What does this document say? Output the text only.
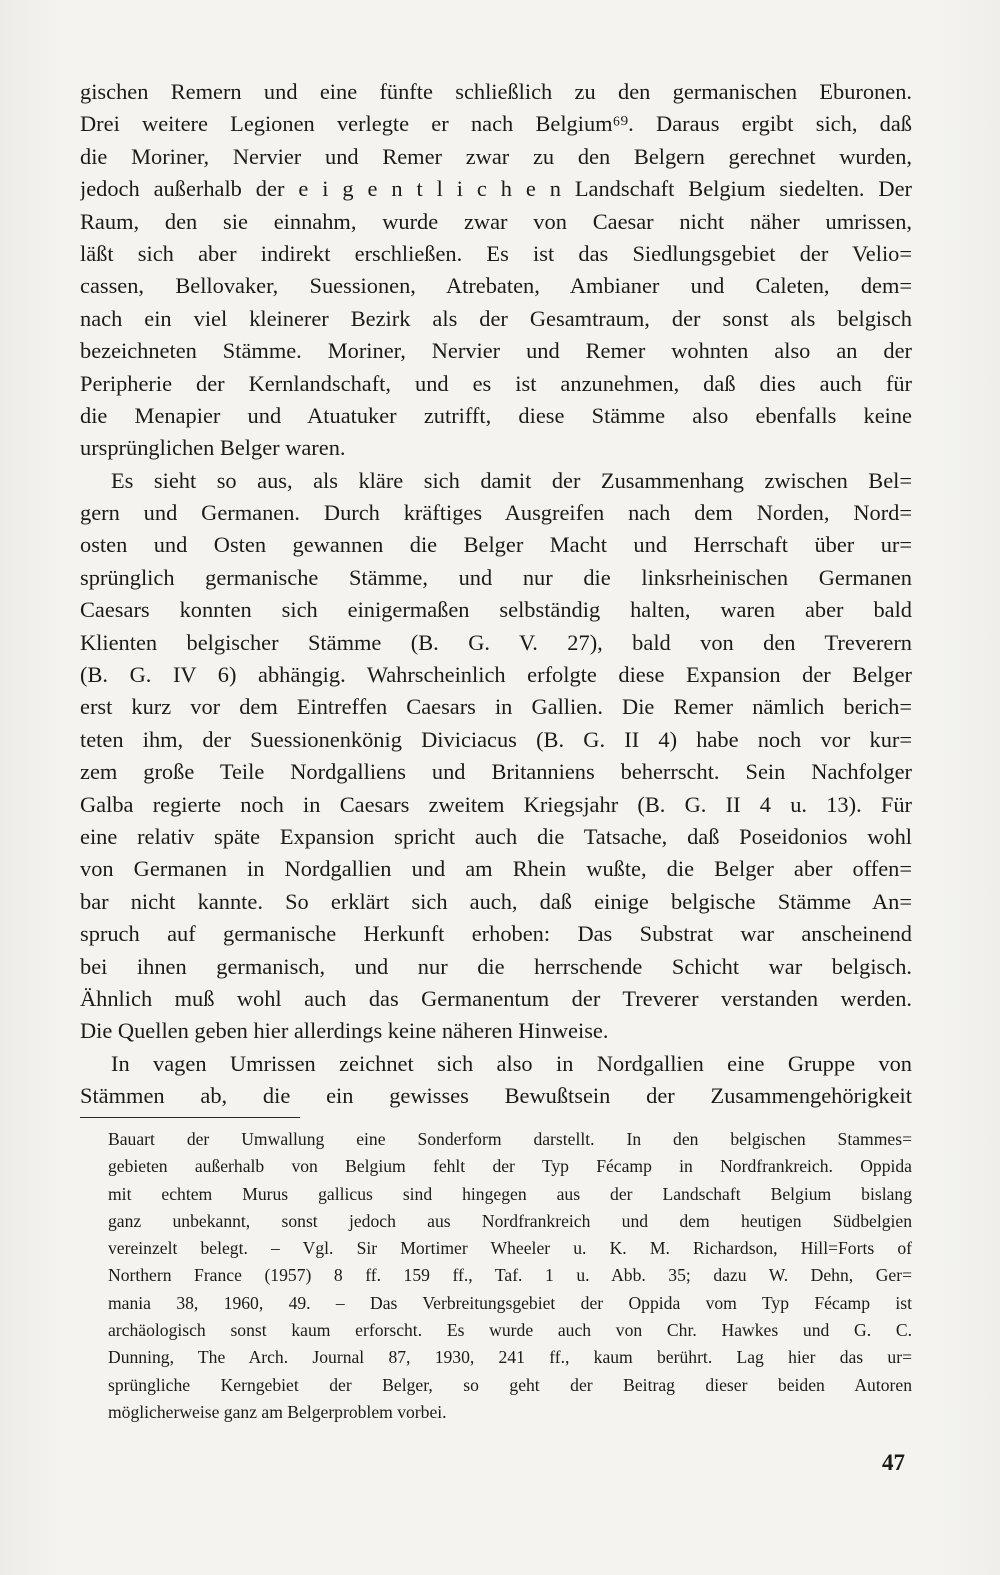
gischen Remern und eine fünfte schließlich zu den germanischen Eburonen.
Drei weitere Legionen verlegte er nach Belgium⁶⁹. Daraus ergibt sich, daß
die Moriner, Nervier und Remer zwar zu den Belgern gerechnet wurden,
jedoch außerhalb der e i g e n t l i c h e n Landschaft Belgium siedelten. Der
Raum, den sie einnahm, wurde zwar von Caesar nicht näher umrissen,
läßt sich aber indirekt erschließen. Es ist das Siedlungsgebiet der Velio=
cassen, Bellovaker, Suessionen, Atrebaten, Ambianer und Caleten, dem=
nach ein viel kleinerer Bezirk als der Gesamtraum, der sonst als belgisch
bezeichneten Stämme. Moriner, Nervier und Remer wohnten also an der
Peripherie der Kernlandschaft, und es ist anzunehmen, daß dies auch für
die Menapier und Atuatuker zutrifft, diese Stämme also ebenfalls keine
ursprünglichen Belger waren.
Es sieht so aus, als kläre sich damit der Zusammenhang zwischen Bel=
gern und Germanen. Durch kräftiges Ausgreifen nach dem Norden, Nord=
osten und Osten gewannen die Belger Macht und Herrschaft über ur=
sprünglich germanische Stämme, und nur die linksrheinischen Germanen
Caesars konnten sich einigermaßen selbständig halten, waren aber bald
Klienten belgischer Stämme (B. G. V. 27), bald von den Treverern
(B. G. IV 6) abhängig. Wahrscheinlich erfolgte diese Expansion der Belger
erst kurz vor dem Eintreffen Caesars in Gallien. Die Remer nämlich berich=
teten ihm, der Suessionenkönig Diviciacus (B. G. II 4) habe noch vor kur=
zem große Teile Nordgalliens und Britanniens beherrscht. Sein Nachfolger
Galba regierte noch in Caesars zweitem Kriegsjahr (B. G. II 4 u. 13). Für
eine relativ späte Expansion spricht auch die Tatsache, daß Poseidonios wohl
von Germanen in Nordgallien und am Rhein wußte, die Belger aber offen=
bar nicht kannte. So erklärt sich auch, daß einige belgische Stämme An=
spruch auf germanische Herkunft erhoben: Das Substrat war anscheinend
bei ihnen germanisch, und nur die herrschende Schicht war belgisch.
Ähnlich muß wohl auch das Germanentum der Treverer verstanden werden.
Die Quellen geben hier allerdings keine näheren Hinweise.
In vagen Umrissen zeichnet sich also in Nordgallien eine Gruppe von
Stämmen ab, die ein gewisses Bewußtsein der Zusammengehörigkeit
Bauart der Umwallung eine Sonderform darstellt. In den belgischen Stammes=
gebieten außerhalb von Belgium fehlt der Typ Fécamp in Nordfrankreich. Oppida
mit echtem Murus gallicus sind hingegen aus der Landschaft Belgium bislang
ganz unbekannt, sonst jedoch aus Nordfrankreich und dem heutigen Südbelgien
vereinzelt belegt. – Vgl. Sir Mortimer Wheeler u. K. M. Richardson, Hill=Forts of
Northern France (1957) 8 ff. 159 ff., Taf. 1 u. Abb. 35; dazu W. Dehn, Ger=
mania 38, 1960, 49. – Das Verbreitungsgebiet der Oppida vom Typ Fécamp ist
archäologisch sonst kaum erforscht. Es wurde auch von Chr. Hawkes und G. C.
Dunning, The Arch. Journal 87, 1930, 241 ff., kaum berührt. Lag hier das ur=
sprüngliche Kerngebiet der Belger, so geht der Beitrag dieser beiden Autoren
möglicherweise ganz am Belgerproblem vorbei.
47
